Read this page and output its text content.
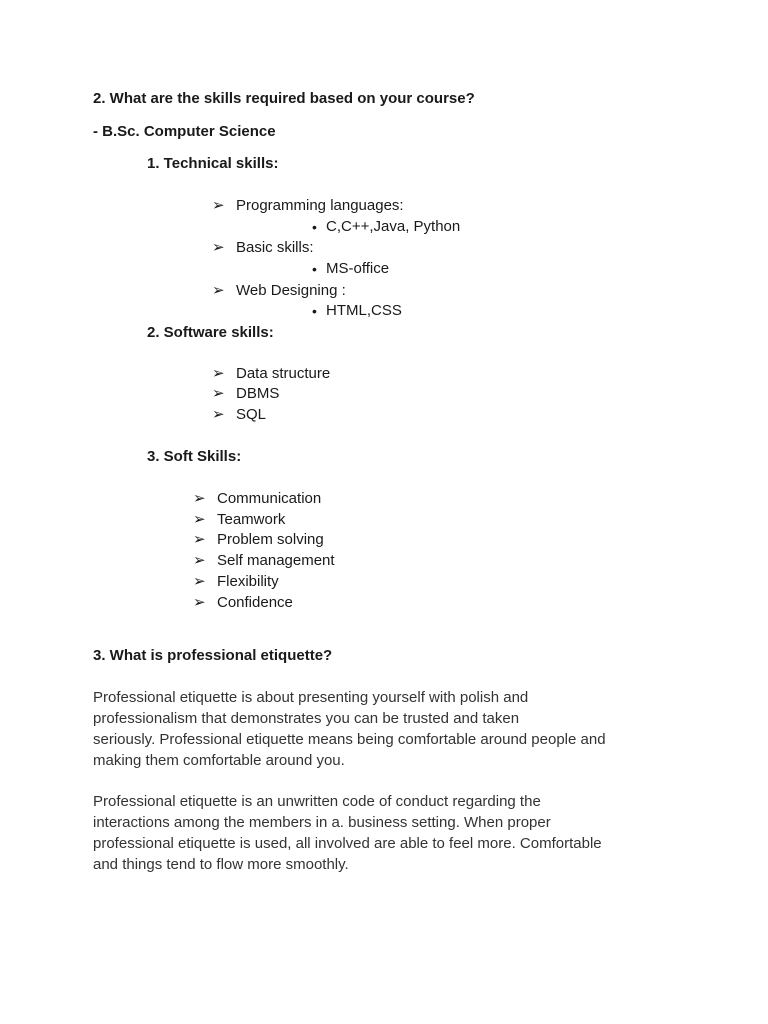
2. What are the skills required based on your course?
- B.Sc. Computer Science
1. Technical skills:
➢ Programming languages:
• C,C++,Java, Python
➢ Basic skills:
• MS-office
➢ Web Designing :
• HTML,CSS
2. Software skills:
➢ Data structure
➢ DBMS
➢ SQL
3. Soft Skills:
➢ Communication
➢ Teamwork
➢ Problem solving
➢ Self management
➢ Flexibility
➢ Confidence
3. What is professional etiquette?
Professional etiquette is about presenting yourself with polish and
professionalism that demonstrates you can be trusted and taken
seriously. Professional etiquette means being comfortable around people and
making them comfortable around you.
Professional etiquette is an unwritten code of conduct regarding the
interactions among the members in a. business setting. When proper
professional etiquette is used, all involved are able to feel more. Comfortable
and things tend to flow more smoothly.
